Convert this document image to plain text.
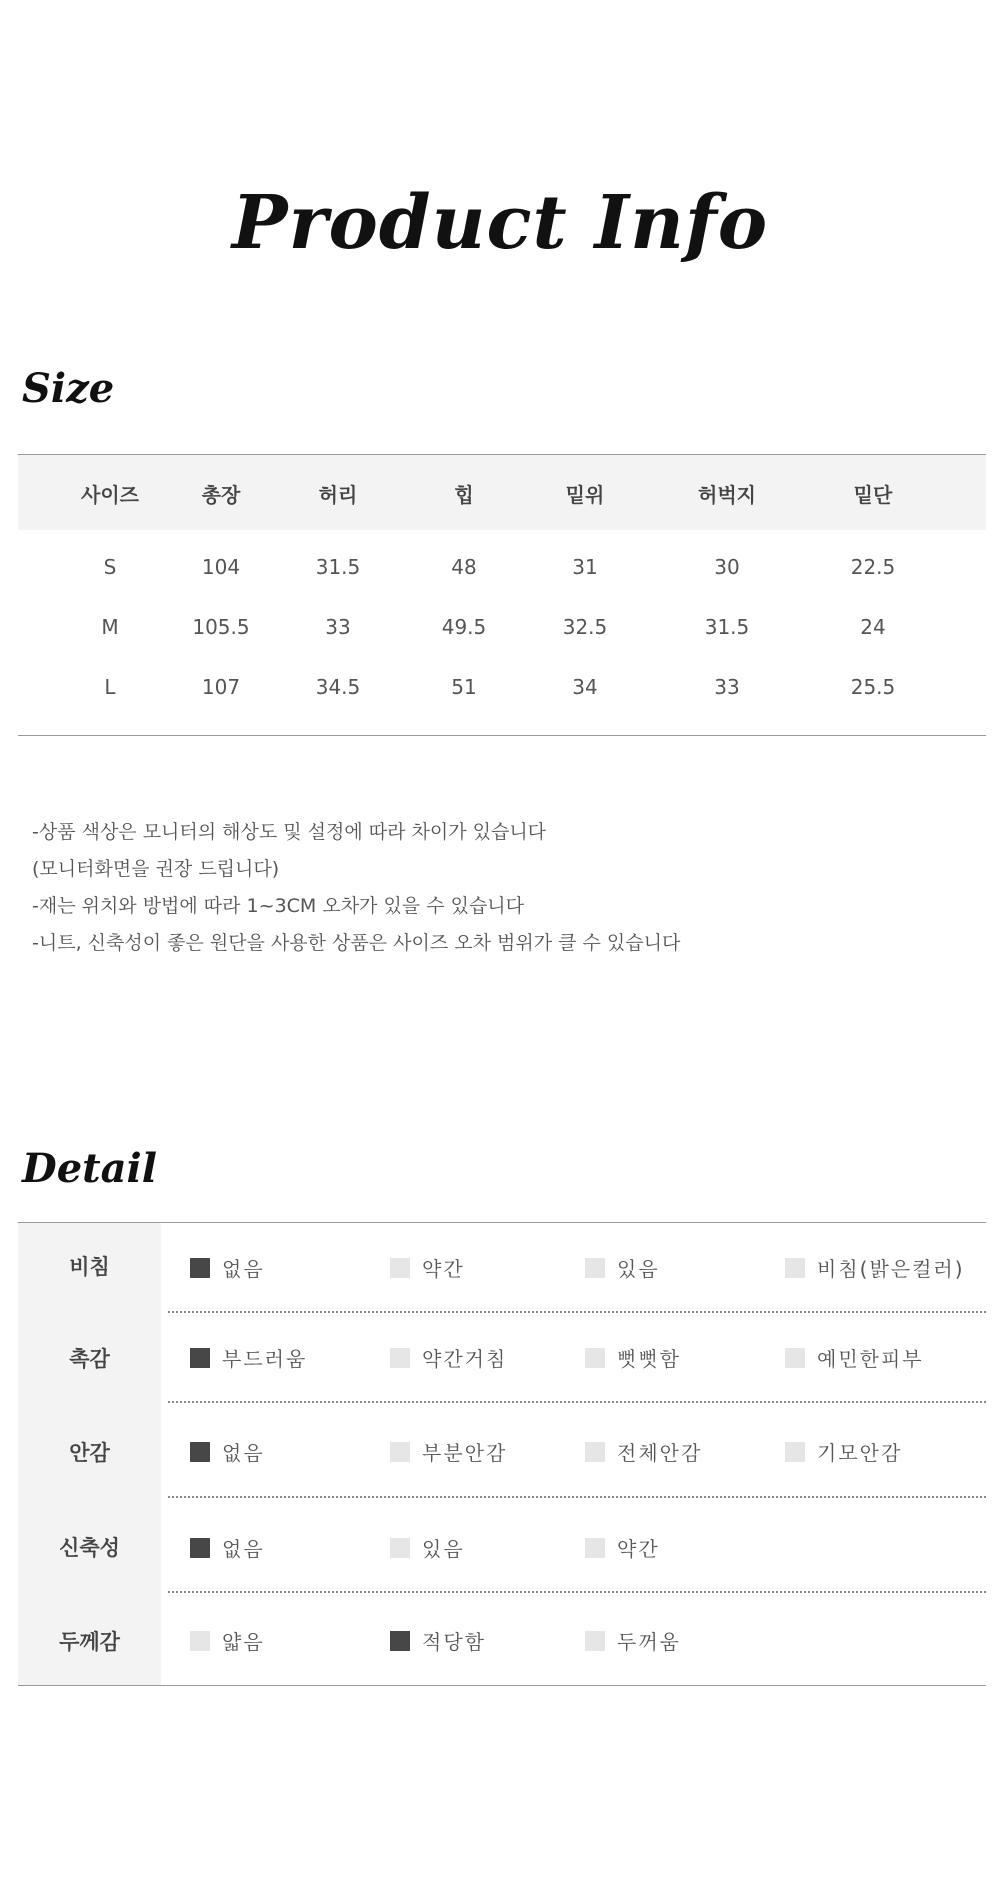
Product Info
Size
사이즈	총장	허리	힙	밑위	허벅지	밑단
S	104	31.5	48	31	30	22.5
M	105.5	33	49.5	32.5	31.5	24
L	107	34.5	51	34	33	25.5
-상품 색상은 모니터의 해상도 및 설정에 따라 차이가 있습니다
(모니터화면을 권장 드립니다)
-재는 위치와 방법에 따라 1~3CM 오차가 있을 수 있습니다
-니트, 신축성이 좋은 원단을 사용한 상품은 사이즈 오차 범위가 클 수 있습니다
Detail
비침	없음	약간	있음	비침(밝은컬러)
촉감	부드러움	약간거침	뻣뻣함	예민한피부
안감	없음	부분안감	전체안감	기모안감
신축성	없음	있음	약간
두께감	얇음	적당함	두꺼움
